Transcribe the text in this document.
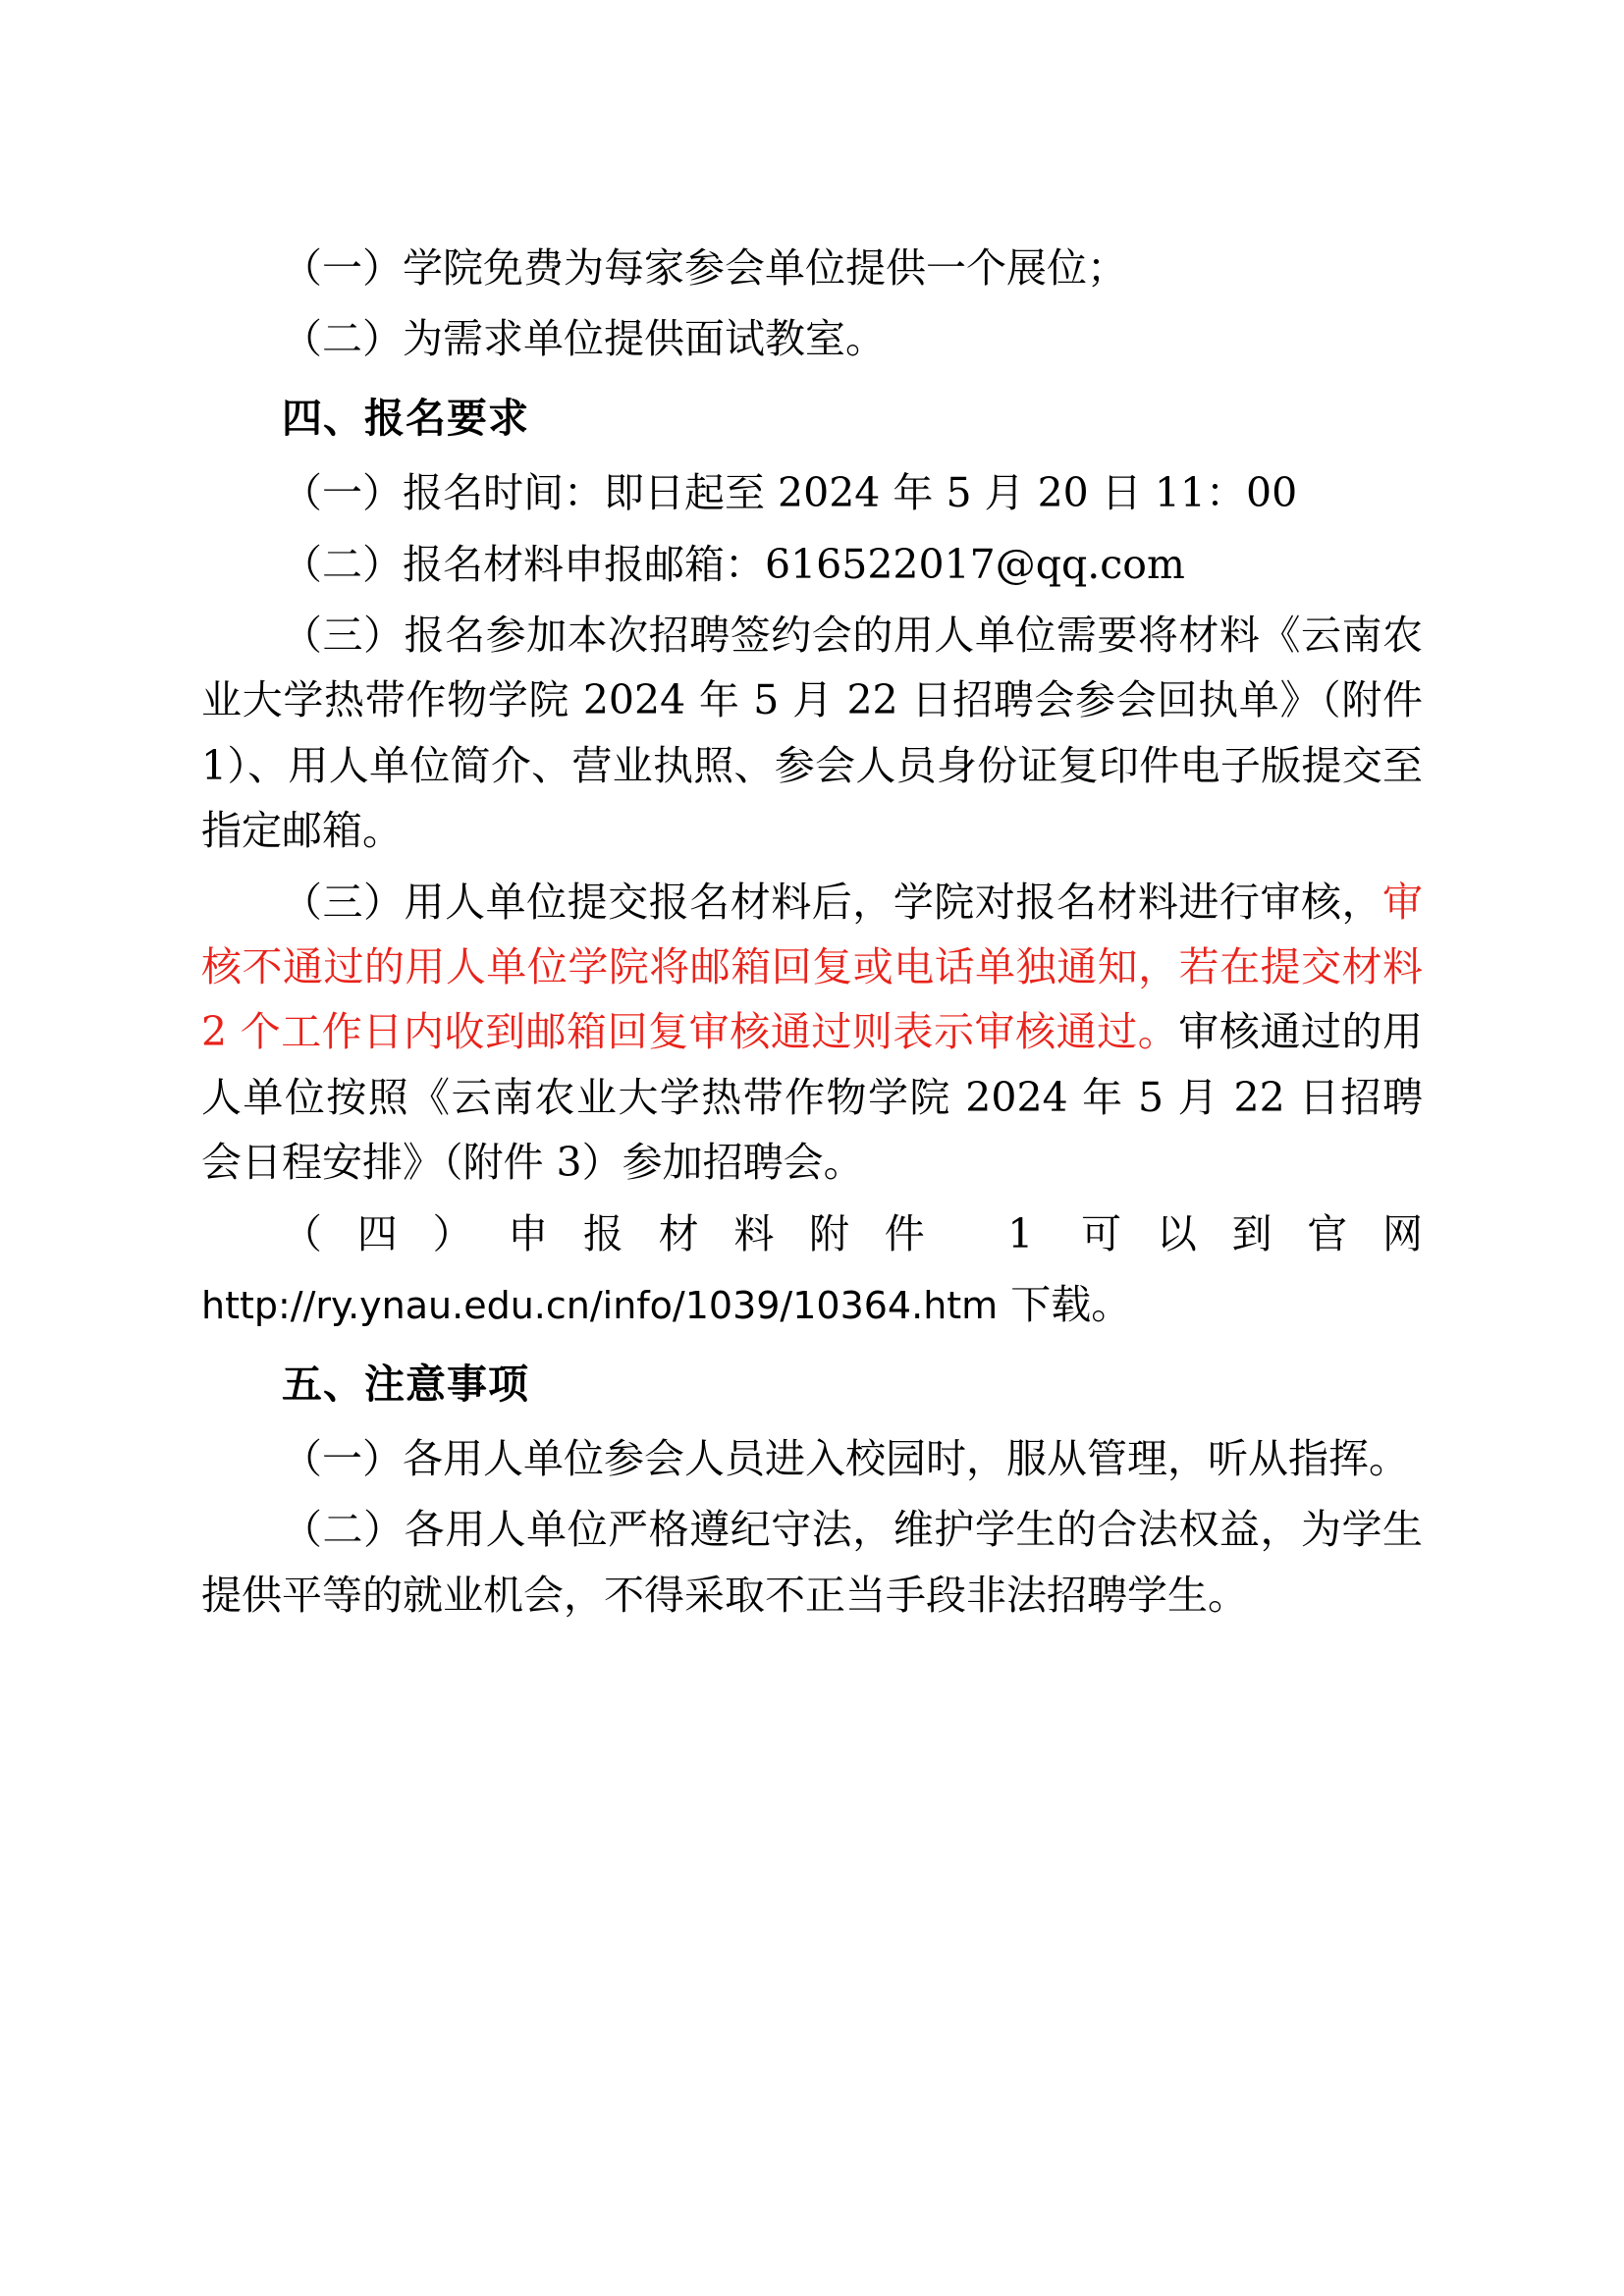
（一）学院免费为每家参会单位提供一个展位；

（二）为需求单位提供面试教室。

四、报名要求

（一）报名时间：即日起至 2024 年 5 月 20 日 11：00

（二）报名材料申报邮箱：616522017@qq.com

（三）报名参加本次招聘签约会的用人单位需要将材料《云南农业大学热带作物学院 2024 年 5 月 22 日招聘会参会回执单》（附件 1）、用人单位简介、营业执照、参会人员身份证复印件电子版提交至指定邮箱。

（三）用人单位提交报名材料后，学院对报名材料进行审核，审核不通过的用人单位学院将邮箱回复或电话单独通知，若在提交材料 2 个工作日内收到邮箱回复审核通过则表示审核通过。审核通过的用人单位按照《云南农业大学热带作物学院 2024 年 5 月 22 日招聘会日程安排》（附件 3）参加招聘会。

（四）申报材料附件 1 可以到官网

http://ry.ynau.edu.cn/info/1039/10364.htm 下载。

五、注意事项

（一）各用人单位参会人员进入校园时，服从管理，听从指挥。

（二）各用人单位严格遵纪守法，维护学生的合法权益，为学生提供平等的就业机会，不得采取不正当手段非法招聘学生。
